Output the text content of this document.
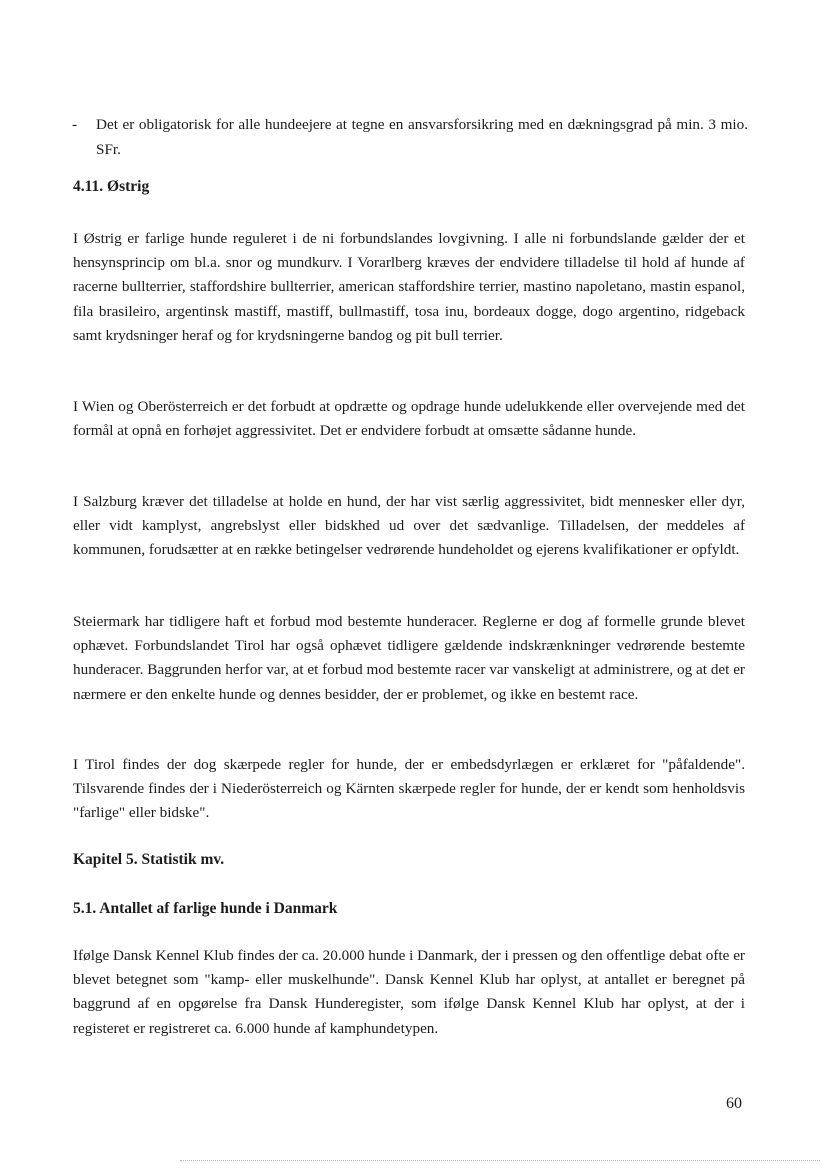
-	Det er obligatorisk for alle hundeejere at tegne en ansvarsforsikring med en dækningsgrad på min. 3 mio. SFr.
4.11. Østrig

I Østrig er farlige hunde reguleret i de ni forbundslandes lovgivning. I alle ni forbundslande gælder der et hensynsprincip om bl.a. snor og mundkurv. I Vorarlberg kræves der endvidere tilladelse til hold af hunde af racerne bullterrier, staffordshire bullterrier, american staffordshire terrier, mastino napoletano, mastin espanol, fila brasileiro, argentinsk mastiff, mastiff, bullmastiff, tosa inu, bordeaux dogge, dogo argentino, ridgeback samt krydsninger heraf og for krydsningerne bandog og pit bull terrier.

I Wien og Oberösterreich er det forbudt at opdrætte og opdrage hunde udelukkende eller overvejende med det formål at opnå en forhøjet aggressivitet. Det er endvidere forbudt at omsætte sådanne hunde.

I Salzburg kræver det tilladelse at holde en hund, der har vist særlig aggressivitet, bidt mennesker eller dyr, eller vidt kamplyst, angrebslyst eller bidskhed ud over det sædvanlige. Tilladelsen, der meddeles af kommunen, forudsætter at en række betingelser vedrørende hundeholdet og ejerens kvalifikationer er opfyldt.

Steiermark har tidligere haft et forbud mod bestemte hunderacer. Reglerne er dog af formelle grunde blevet ophævet. Forbundslandet Tirol har også ophævet tidligere gældende indskrænkninger vedrørende bestemte hunderacer. Baggrunden herfor var, at et forbud mod bestemte racer var vanskeligt at administrere, og at det er nærmere er den enkelte hunde og dennes besidder, der er problemet, og ikke en bestemt race.

I Tirol findes der dog skærpede regler for hunde, der er embedsdyrlægen er erklæret for "påfaldende". Tilsvarende findes der i Niederösterreich og Kärnten skærpede regler for hunde, der er kendt som henholdsvis "farlige" eller bidske".

Kapitel 5. Statistik mv.
5.1. Antallet af farlige hunde i Danmark

Ifølge Dansk Kennel Klub findes der ca. 20.000 hunde i Danmark, der i pressen og den offentlige debat ofte er blevet betegnet som "kamp- eller muskelhunde". Dansk Kennel Klub har oplyst, at antallet er beregnet på baggrund af en opgørelse fra Dansk Hunderegister, som ifølge Dansk Kennel Klub har oplyst, at der i registeret er registreret ca. 6.000 hunde af kamphundetypen.

60
